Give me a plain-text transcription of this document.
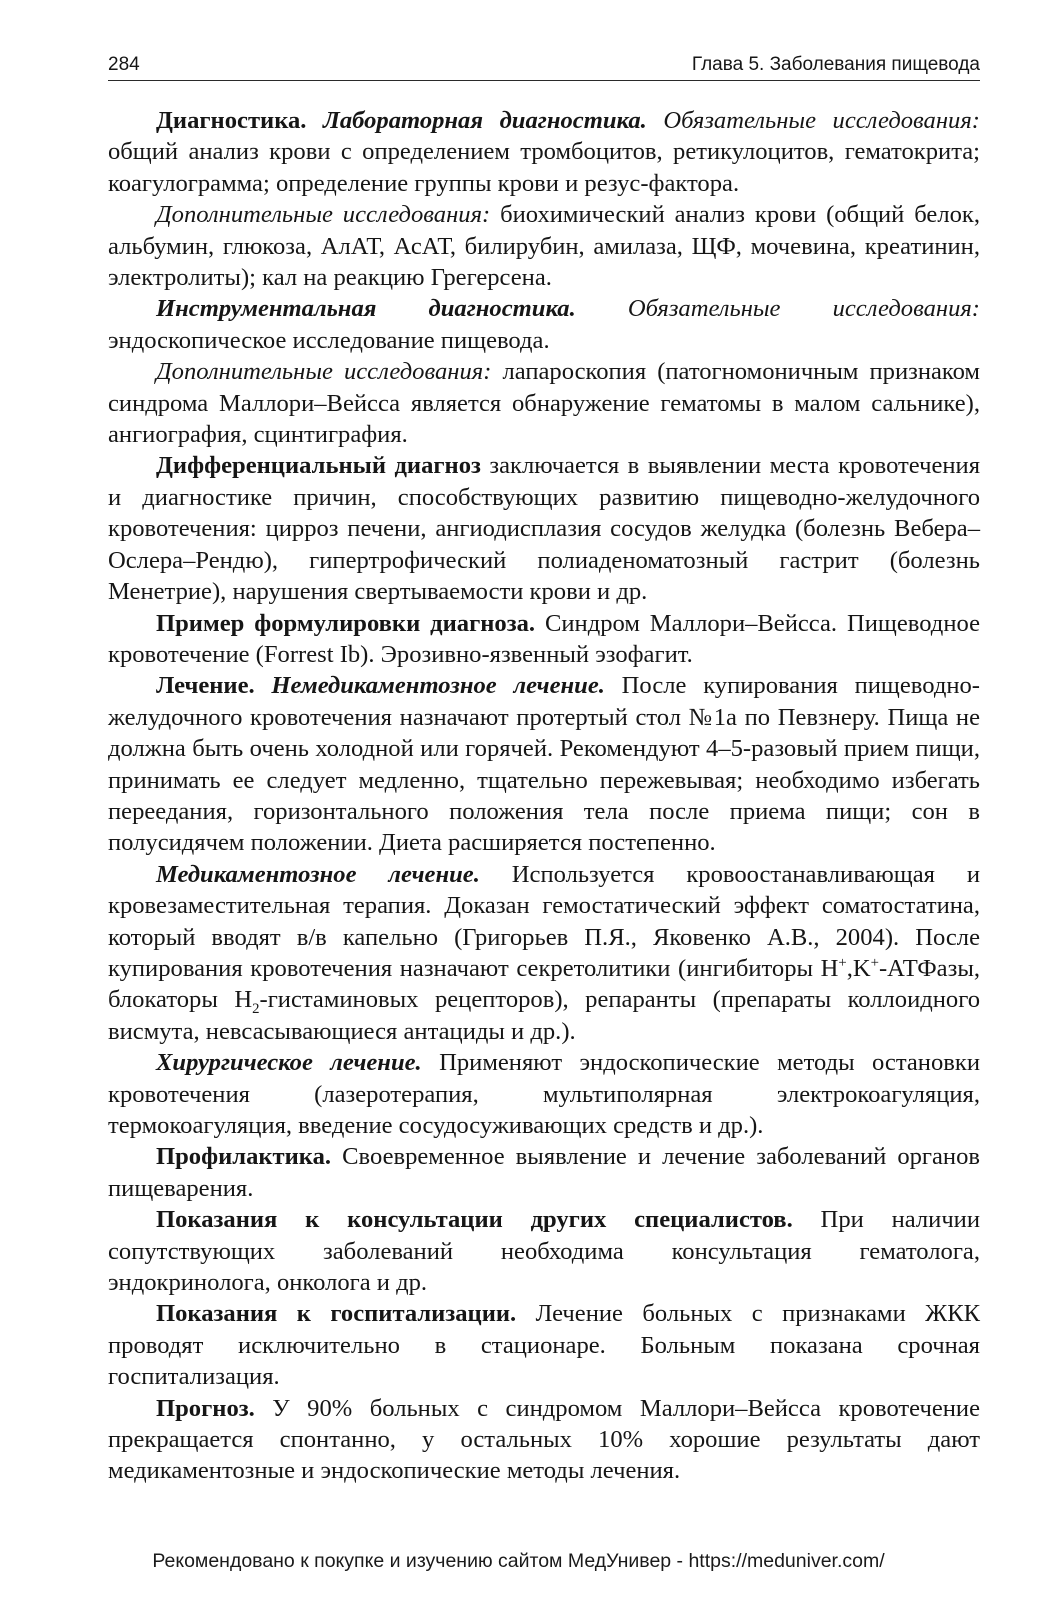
284	Глава 5. Заболевания пищевода

Диагностика. Лабораторная диагностика. Обязательные исследования: общий анализ крови с определением тромбоцитов, ретикулоцитов, гематокрита; коагулограмма; определение группы крови и резус-фактора.

Дополнительные исследования: биохимический анализ крови (общий белок, альбумин, глюкоза, АлАТ, АсАТ, билирубин, амилаза, ЩФ, мочевина, креатинин, электролиты); кал на реакцию Грегерсена.

Инструментальная диагностика. Обязательные исследования: эндоскопическое исследование пищевода.

Дополнительные исследования: лапароскопия (патогномоничным признаком синдрома Маллори–Вейсса является обнаружение гематомы в малом сальнике), ангиография, сцинтиграфия.

Дифференциальный диагноз заключается в выявлении места кровотечения и диагностике причин, способствующих развитию пищеводно-желудочного кровотечения: цирроз печени, ангиодисплазия сосудов желудка (болезнь Вебера–Ослера–Рендю), гипертрофический полиаденоматозный гастрит (болезнь Менетрие), нарушения свертываемости крови и др.

Пример формулировки диагноза. Синдром Маллори–Вейсса. Пищеводное кровотечение (Forrest Ib). Эрозивно-язвенный эзофагит.

Лечение. Немедикаментозное лечение. После купирования пищеводно-желудочного кровотечения назначают протертый стол №1а по Певзнеру. Пища не должна быть очень холодной или горячей. Рекомендуют 4–5-разовый прием пищи, принимать ее следует медленно, тщательно пережевывая; необходимо избегать переедания, горизонтального положения тела после приема пищи; сон в полусидячем положении. Диета расширяется постепенно.

Медикаментозное лечение. Используется кровоостанавливающая и кровезаместительная терапия. Доказан гемостатический эффект соматостатина, который вводят в/в капельно (Григорьев П.Я., Яковенко А.В., 2004). После купирования кровотечения назначают секретолитики (ингибиторы H+,K+-АТФазы, блокаторы $H_2$-гистаминовых рецепторов), репаранты (препараты коллоидного висмута, невсасывающиеся антациды и др.).

Хирургическое лечение. Применяют эндоскопические методы остановки кровотечения (лазеротерапия, мультиполярная электрокоагуляция, термокоагуляция, введение сосудосуживающих средств и др.).

Профилактика. Своевременное выявление и лечение заболеваний органов пищеварения.

Показания к консультации других специалистов. При наличии сопутствующих заболеваний необходима консультация гематолога, эндокринолога, онколога и др.

Показания к госпитализации. Лечение больных с признаками ЖКК проводят исключительно в стационаре. Больным показана срочная госпитализация.

Прогноз. У 90% больных с синдромом Маллори–Вейсса кровотечение прекращается спонтанно, у остальных 10% хорошие результаты дают медикаментозные и эндоскопические методы лечения.

Рекомендовано к покупке и изучению сайтом МедУнивер - https://meduniver.com/
